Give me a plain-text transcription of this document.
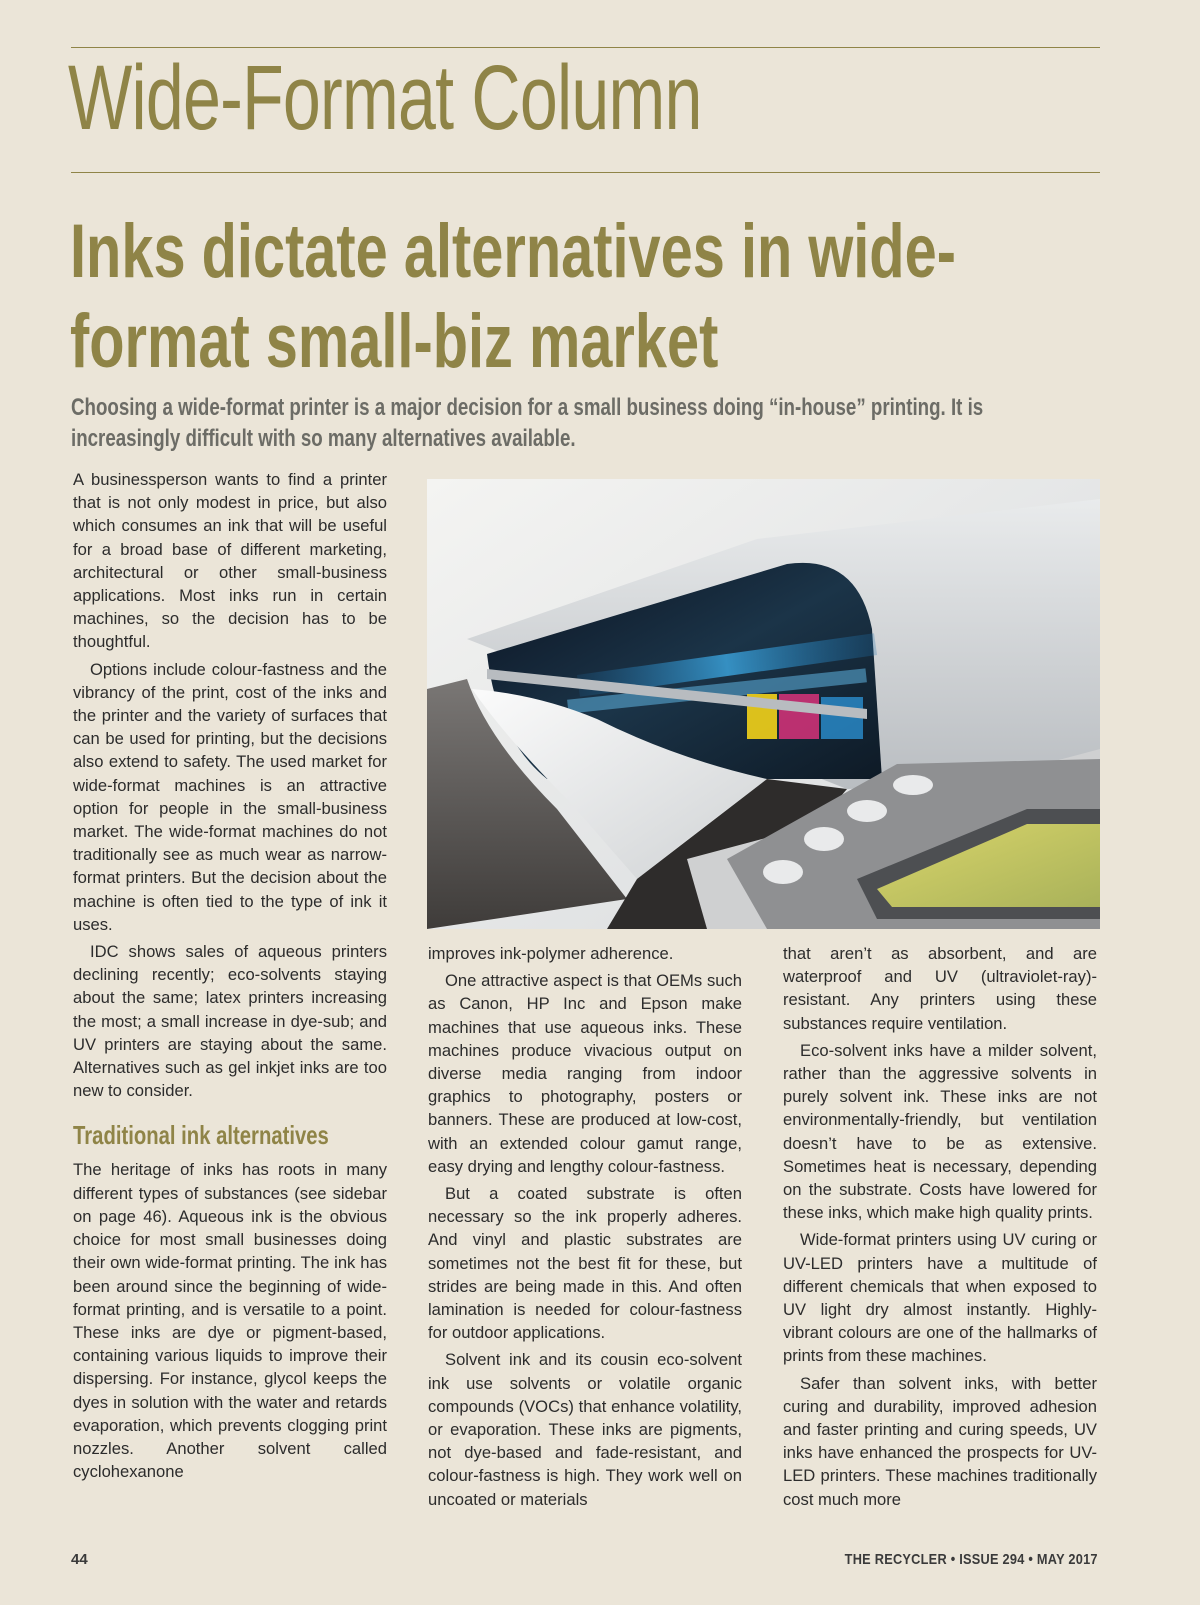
Wide-Format Column
Inks dictate alternatives in wide-
format small-biz market
Choosing a wide-format printer is a major decision for a small business doing “in-house” printing. It is
increasingly difficult with so many alternatives available.

A businessperson wants to find a printer that is not only modest in price, but also which consumes an ink that will be useful for a broad base of different marketing, architectural or other small-business applications. Most inks run in certain machines, so the decision has to be thoughtful.

Options include colour-fastness and the vibrancy of the print, cost of the inks and the printer and the variety of surfaces that can be used for printing, but the decisions also extend to safety. The used market for wide-format machines is an attractive option for people in the small-business market. The wide-format machines do not traditionally see as much wear as narrow-format printers. But the decision about the machine is often tied to the type of ink it uses.

IDC shows sales of aqueous printers declining recently; eco-solvents staying about the same; latex printers increasing the most; a small increase in dye-sub; and UV printers are staying about the same. Alternatives such as gel inkjet inks are too new to consider.

Traditional ink alternatives

The heritage of inks has roots in many different types of substances (see sidebar on page 46). Aqueous ink is the obvious choice for most small businesses doing their own wide-format printing. The ink has been around since the beginning of wide-format printing, and is versatile to a point. These inks are dye or pigment-based, containing various liquids to improve their dispersing. For instance, glycol keeps the dyes in solution with the water and retards evaporation, which prevents clogging print nozzles. Another solvent called cyclohexanone

improves ink-polymer adherence.

One attractive aspect is that OEMs such as Canon, HP Inc and Epson make machines that use aqueous inks. These machines produce vivacious output on diverse media ranging from indoor graphics to photography, posters or banners. These are produced at low-cost, with an extended colour gamut range, easy drying and lengthy colour-fastness.

But a coated substrate is often necessary so the ink properly adheres. And vinyl and plastic substrates are sometimes not the best fit for these, but strides are being made in this. And often lamination is needed for colour-fastness for outdoor applications.

Solvent ink and its cousin eco-solvent ink use solvents or volatile organic compounds (VOCs) that enhance volatility, or evaporation. These inks are pigments, not dye-based and fade-resistant, and colour-fastness is high. They work well on uncoated or materials

that aren’t as absorbent, and are waterproof and UV (ultraviolet-ray)-resistant. Any printers using these substances require ventilation.

Eco-solvent inks have a milder solvent, rather than the aggressive solvents in purely solvent ink. These inks are not environmentally-friendly, but ventilation doesn’t have to be as extensive. Sometimes heat is necessary, depending on the substrate. Costs have lowered for these inks, which make high quality prints.

Wide-format printers using UV curing or UV-LED printers have a multitude of different chemicals that when exposed to UV light dry almost instantly. Highly-vibrant colours are one of the hallmarks of prints from these machines.

Safer than solvent inks, with better curing and durability, improved adhesion and faster printing and curing speeds, UV inks have enhanced the prospects for UV-LED printers. These machines traditionally cost much more

44	THE RECYCLER • ISSUE 294 • MAY 2017
